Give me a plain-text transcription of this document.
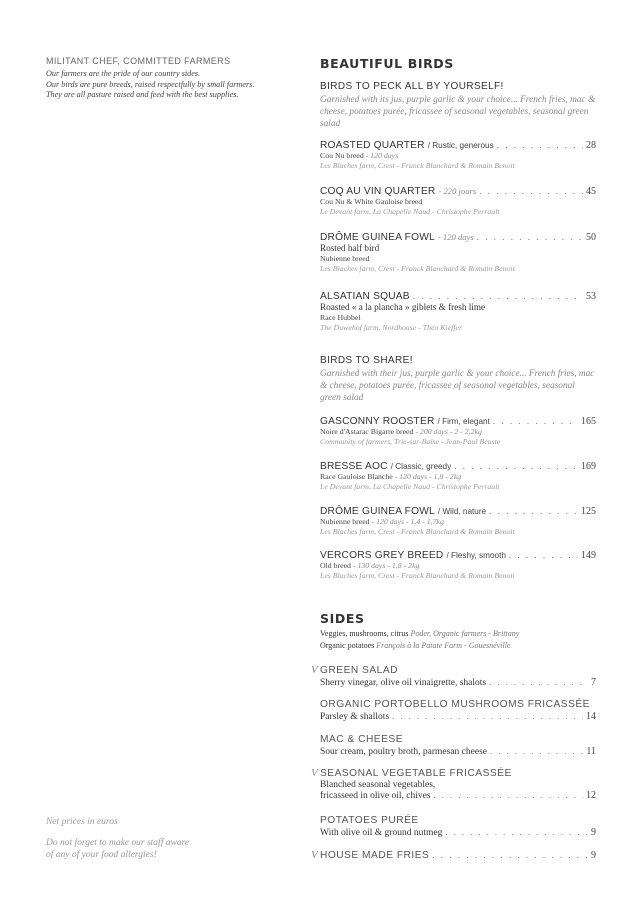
MILITANT CHEF, COMMITTED FARMERS
Our farmers are the pride of our country sides.
Our birds are pure breeds, raised respectfully by small farmers.
They are all pasture raised and feed with the best supplies.
Net prices in euros
Do not forget to make our staff aware
of any of your food allergies!
BEAUTIFUL BIRDS
BIRDS TO PECK ALL BY YOURSELF!
Garnished with its jus, purple garlic & your choice... French fries, mac & cheese, potatoes purée, fricassee of seasonal vegetables, seasonal green salad
ROASTED QUARTER / Rustic, generous . . .	28
Cou Nu breed - 120 days
Les Blaches farm, Crest - Franck Blanchard & Romain Benoit
COQ AU VIN QUARTER - 220 jours . . .	45
Cou Nu & White Gauloise breed
Le Devant farm, La Chapelle Naud - Christophe Perrault
DRÔME GUINEA FOWL - 120 days . . .	50
Rosted half bird
Nubienne breed
Les Blaches farm, Crest - Franck Blanchard & Romain Benoit
ALSATIAN SQUAB . . .	53
Roasted « a la plancha » giblets & fresh lime
Race Hubbel
The Duwehof farm, Nordhouse - Théo Kieffer
BIRDS TO SHARE!
Garnished with their jus, purple garlic & your choice... French fries, mac & cheese, potatoes purée, fricassee of seasonal vegetables, seasonal green salad
GASCONNY ROOSTER / Firm, elegant . . .	165
Noire d'Astarac Bigarre breed - 200 days - 2 - 2,2kg
Community of farmers, Trie-sur-Baïse - Jean-Paul Beuste
BRESSE AOC / Classic, greedy . . .	169
Race Gauloise Blanche - 120 days - 1,8 - 2kg
Le Devant farm, La Chapelle Naud - Christophe Perrault
DRÔME GUINEA FOWL / Wild, nature . . .	125
Nubienne breed - 120 days - 1,4 - 1,7kg
Les Blaches farm, Crest - Franck Blanchard & Romain Benoit
VERCORS GREY BREED / Fleshy, smooth . . .	149
Old breed - 130 days - 1,8 - 2kg
Les Blaches farm, Crest - Franck Blanchard & Romain Benoit
SIDES
Veggies, mushrooms, citrus Poder, Organic farmers - Brittany
Organic potatoes François à la Patate Farm - Gouesnéville
V GREEN SALAD
Sherry vinegar, olive oil vinaigrette, shalots . . .	7
ORGANIC PORTOBELLO MUSHROOMS FRICASSÉE
Parsley & shallots . . .	14
MAC & CHEESE
Sour cream, poultry broth, parmesan cheese . . .	11
V SEASONAL VEGETABLE FRICASSÉE
Blanched seasonal vegetables,
fricasseed in olive oil, chives . . .	12
POTATOES PURÉE
With olive oil & ground nutmeg . . .	9
V HOUSE MADE FRIES . . .	9
